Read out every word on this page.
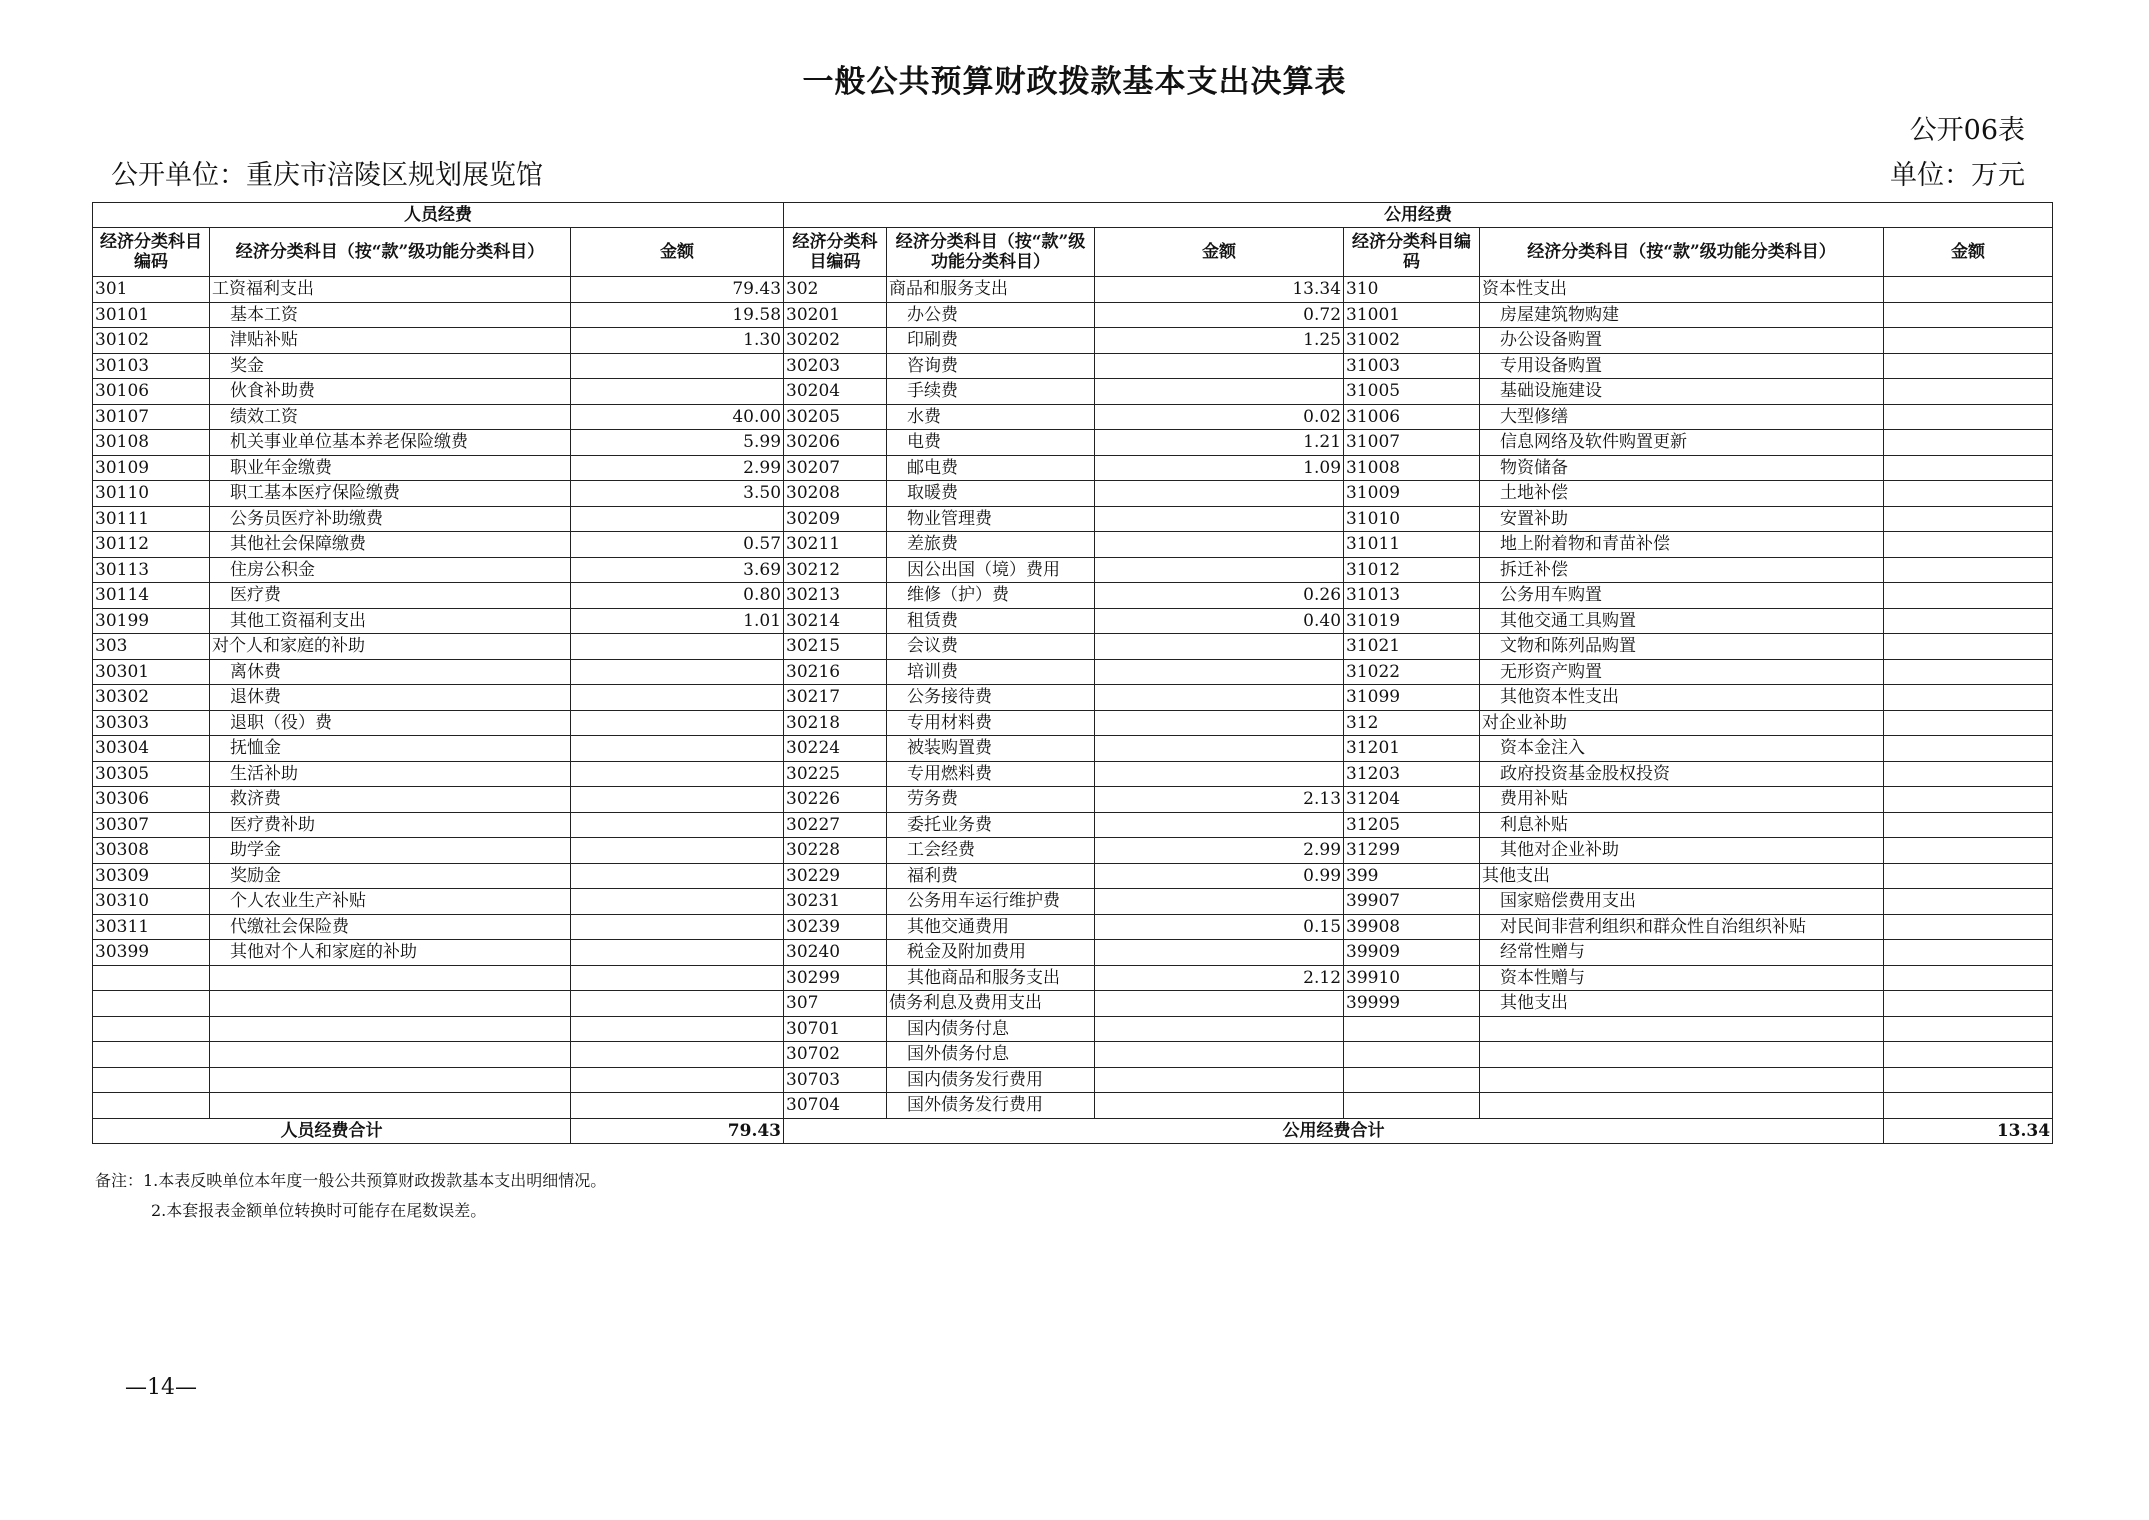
一般公共预算财政拨款基本支出决算表
公开06表
公开单位：重庆市涪陵区规划展览馆	单位：万元
人员经费			公用经费					
经济分类科目编码	经济分类科目（按“款”级功能分类科目）	金额	经济分类科目编码	经济分类科目（按“款”级功能分类科目）	金额	经济分类科目编码	经济分类科目（按“款”级功能分类科目）	金额
301	工资福利支出	79.43	302	商品和服务支出	13.34	310	资本性支出	
30101	基本工资	19.58	30201	办公费	0.72	31001	房屋建筑物购建	
30102	津贴补贴	1.30	30202	印刷费	1.25	31002	办公设备购置	
30103	奖金		30203	咨询费		31003	专用设备购置	
30106	伙食补助费		30204	手续费		31005	基础设施建设	
30107	绩效工资	40.00	30205	水费	0.02	31006	大型修缮	
30108	机关事业单位基本养老保险缴费	5.99	30206	电费	1.21	31007	信息网络及软件购置更新	
30109	职业年金缴费	2.99	30207	邮电费	1.09	31008	物资储备	
30110	职工基本医疗保险缴费	3.50	30208	取暖费		31009	土地补偿	
30111	公务员医疗补助缴费		30209	物业管理费		31010	安置补助	
30112	其他社会保障缴费	0.57	30211	差旅费		31011	地上附着物和青苗补偿	
30113	住房公积金	3.69	30212	因公出国（境）费用		31012	拆迁补偿	
30114	医疗费	0.80	30213	维修（护）费	0.26	31013	公务用车购置	
30199	其他工资福利支出	1.01	30214	租赁费	0.40	31019	其他交通工具购置	
303	对个人和家庭的补助		30215	会议费		31021	文物和陈列品购置	
30301	离休费		30216	培训费		31022	无形资产购置	
30302	退休费		30217	公务接待费		31099	其他资本性支出	
30303	退职（役）费		30218	专用材料费		312	对企业补助	
30304	抚恤金		30224	被装购置费		31201	资本金注入	
30305	生活补助		30225	专用燃料费		31203	政府投资基金股权投资	
30306	救济费		30226	劳务费	2.13	31204	费用补贴	
30307	医疗费补助		30227	委托业务费		31205	利息补贴	
30308	助学金		30228	工会经费	2.99	31299	其他对企业补助	
30309	奖励金		30229	福利费	0.99	399	其他支出	
30310	个人农业生产补贴		30231	公务用车运行维护费		39907	国家赔偿费用支出	
30311	代缴社会保险费		30239	其他交通费用	0.15	39908	对民间非营利组织和群众性自治组织补贴	
30399	其他对个人和家庭的补助		30240	税金及附加费用		39909	经常性赠与	
			30299	其他商品和服务支出	2.12	39910	资本性赠与	
			307	债务利息及费用支出		39999	其他支出	
			30701	国内债务付息				
			30702	国外债务付息				
			30703	国内债务发行费用				
			30704	国外债务发行费用				
人员经费合计		79.43	公用经费合计					13.34
备注：1.本表反映单位本年度一般公共预算财政拨款基本支出明细情况。
2.本套报表金额单位转换时可能存在尾数误差。
—14—
